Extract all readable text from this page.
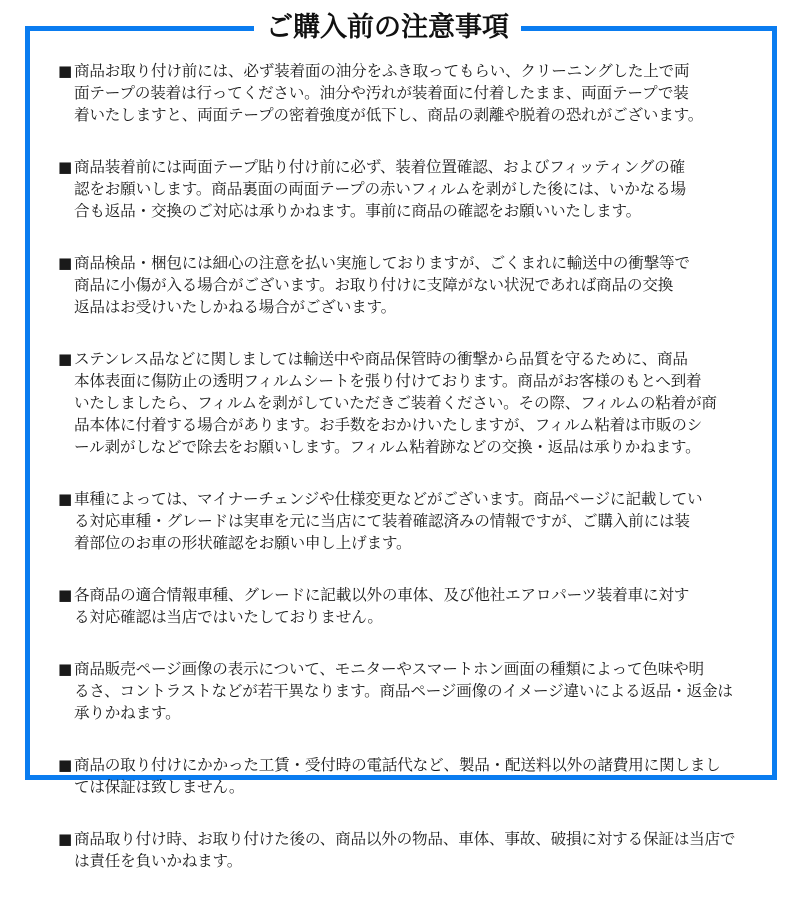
ご購入前の注意事項
■ 商品お取り付け前には、必ず装着面の油分をふき取ってもらい、クリーニングした上で両
面テープの装着は行ってください。油分や汚れが装着面に付着したまま、両面テープで装
着いたしますと、両面テープの密着強度が低下し、商品の剥離や脱着の恐れがございます。
■ 商品装着前には両面テープ貼り付け前に必ず、装着位置確認、およびフィッティングの確
認をお願いします。商品裏面の両面テープの赤いフィルムを剥がした後には、いかなる場
合も返品・交換のご対応は承りかねます。事前に商品の確認をお願いいたします。
■ 商品検品・梱包には細心の注意を払い実施しておりますが、ごくまれに輸送中の衝撃等で
商品に小傷が入る場合がございます。お取り付けに支障がない状況であれば商品の交換
返品はお受けいたしかねる場合がございます。
■ ステンレス品などに関しましては輸送中や商品保管時の衝撃から品質を守るために、商品
本体表面に傷防止の透明フィルムシートを張り付けております。商品がお客様のもとへ到着
いたしましたら、フィルムを剥がしていただきご装着ください。その際、フィルムの粘着が商
品本体に付着する場合があります。お手数をおかけいたしますが、フィルム粘着は市販のシ
ール剥がしなどで除去をお願いします。フィルム粘着跡などの交換・返品は承りかねます。
■ 車種によっては、マイナーチェンジや仕様変更などがございます。商品ページに記載してい
る対応車種・グレードは実車を元に当店にて装着確認済みの情報ですが、ご購入前には装
着部位のお車の形状確認をお願い申し上げます。
■ 各商品の適合情報車種、グレードに記載以外の車体、及び他社エアロパーツ装着車に対す
る対応確認は当店ではいたしておりません。
■ 商品販売ページ画像の表示について、モニターやスマートホン画面の種類によって色味や明
るさ、コントラストなどが若干異なります。商品ページ画像のイメージ違いによる返品・返金は
承りかねます。
■ 商品の取り付けにかかった工賃・受付時の電話代など、製品・配送料以外の諸費用に関しまし
ては保証は致しません。
■ 商品取り付け時、お取り付けた後の、商品以外の物品、車体、事故、破損に対する保証は当店で
は責任を負いかねます。
